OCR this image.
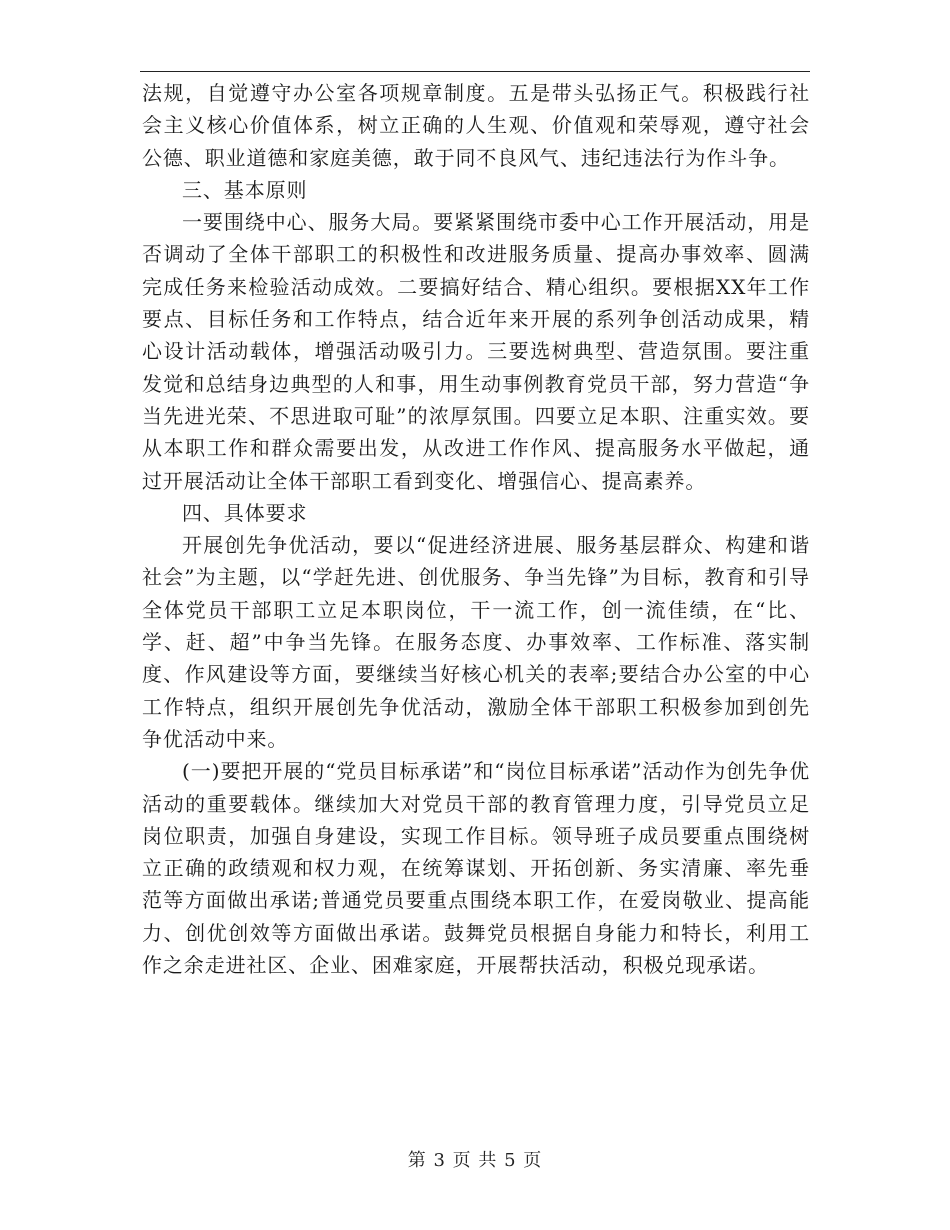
法规，自觉遵守办公室各项规章制度。五是带头弘扬正气。积极践行社会主义核心价值体系，树立正确的人生观、价值观和荣辱观，遵守社会公德、职业道德和家庭美德，敢于同不良风气、违纪违法行为作斗争。

三、基本原则

一要围绕中心、服务大局。要紧紧围绕市委中心工作开展活动，用是否调动了全体干部职工的积极性和改进服务质量、提高办事效率、圆满完成任务来检验活动成效。二要搞好结合、精心组织。要根据XX年工作要点、目标任务和工作特点，结合近年来开展的系列争创活动成果，精心设计活动载体，增强活动吸引力。三要选树典型、营造氛围。要注重发觉和总结身边典型的人和事，用生动事例教育党员干部，努力营造“争当先进光荣、不思进取可耻”的浓厚氛围。四要立足本职、注重实效。要从本职工作和群众需要出发，从改进工作作风、提高服务水平做起，通过开展活动让全体干部职工看到变化、增强信心、提高素养。

四、具体要求

开展创先争优活动，要以“促进经济进展、服务基层群众、构建和谐社会”为主题，以“学赶先进、创优服务、争当先锋”为目标，教育和引导全体党员干部职工立足本职岗位，干一流工作，创一流佳绩，在“比、学、赶、超”中争当先锋。在服务态度、办事效率、工作标准、落实制度、作风建设等方面，要继续当好核心机关的表率;要结合办公室的中心工作特点，组织开展创先争优活动，激励全体干部职工积极参加到创先争优活动中来。

(一)要把开展的“党员目标承诺”和“岗位目标承诺”活动作为创先争优活动的重要载体。继续加大对党员干部的教育管理力度，引导党员立足岗位职责，加强自身建设，实现工作目标。领导班子成员要重点围绕树立正确的政绩观和权力观，在统筹谋划、开拓创新、务实清廉、率先垂范等方面做出承诺;普通党员要重点围绕本职工作，在爱岗敬业、提高能力、创优创效等方面做出承诺。鼓舞党员根据自身能力和特长，利用工作之余走进社区、企业、困难家庭，开展帮扶活动，积极兑现承诺。

第 3 页 共 5 页
